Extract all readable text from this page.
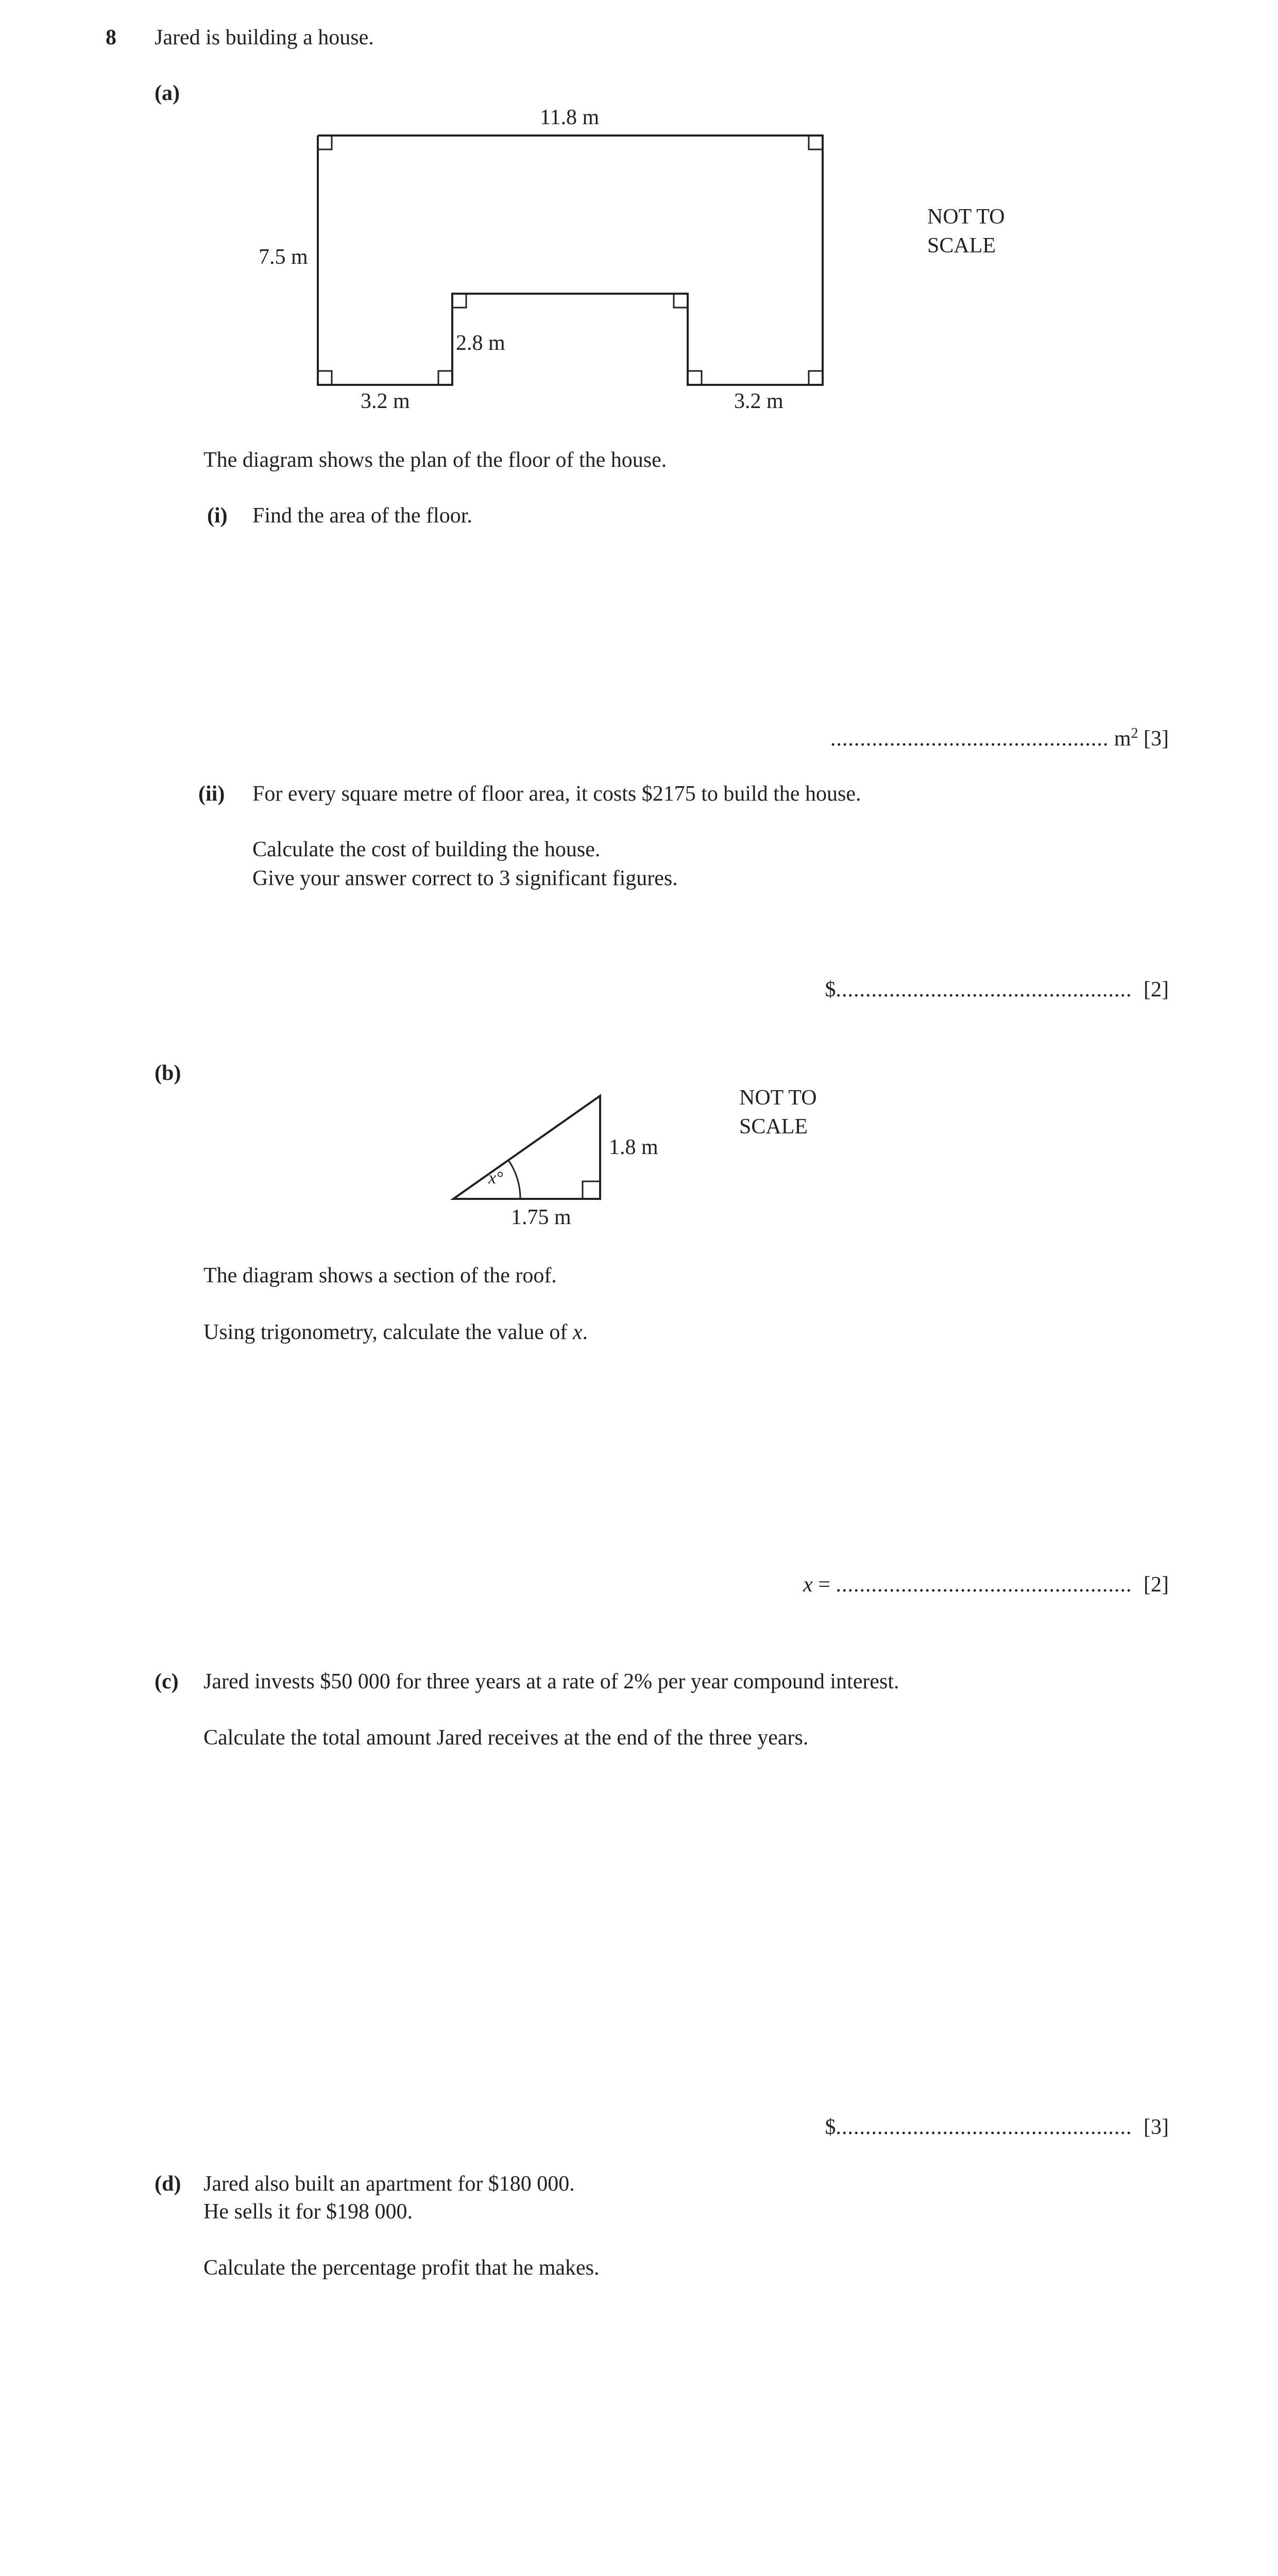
8 Jared is building a house.
(a)
11.8 m
7.5 m
2.8 m
3.2 m	3.2 m
NOT TO
SCALE
The diagram shows the plan of the floor of the house.
(i) Find the area of the floor.
............................................... $m^2$ [3]
(ii) For every square metre of floor area, it costs $2175 to build the house.
Calculate the cost of building the house.
Give your answer correct to 3 significant figures.
$.................................................. [2]
(b)
1.8 m
1.75 m
x°
NOT TO
SCALE
The diagram shows a section of the roof.
Using trigonometry, calculate the value of x.
x = .................................................. [2]
(c) Jared invests $50 000 for three years at a rate of 2% per year compound interest.
Calculate the total amount Jared receives at the end of the three years.
$.................................................. [3]
(d) Jared also built an apartment for $180 000.
He sells it for $198 000.
Calculate the percentage profit that he makes.
